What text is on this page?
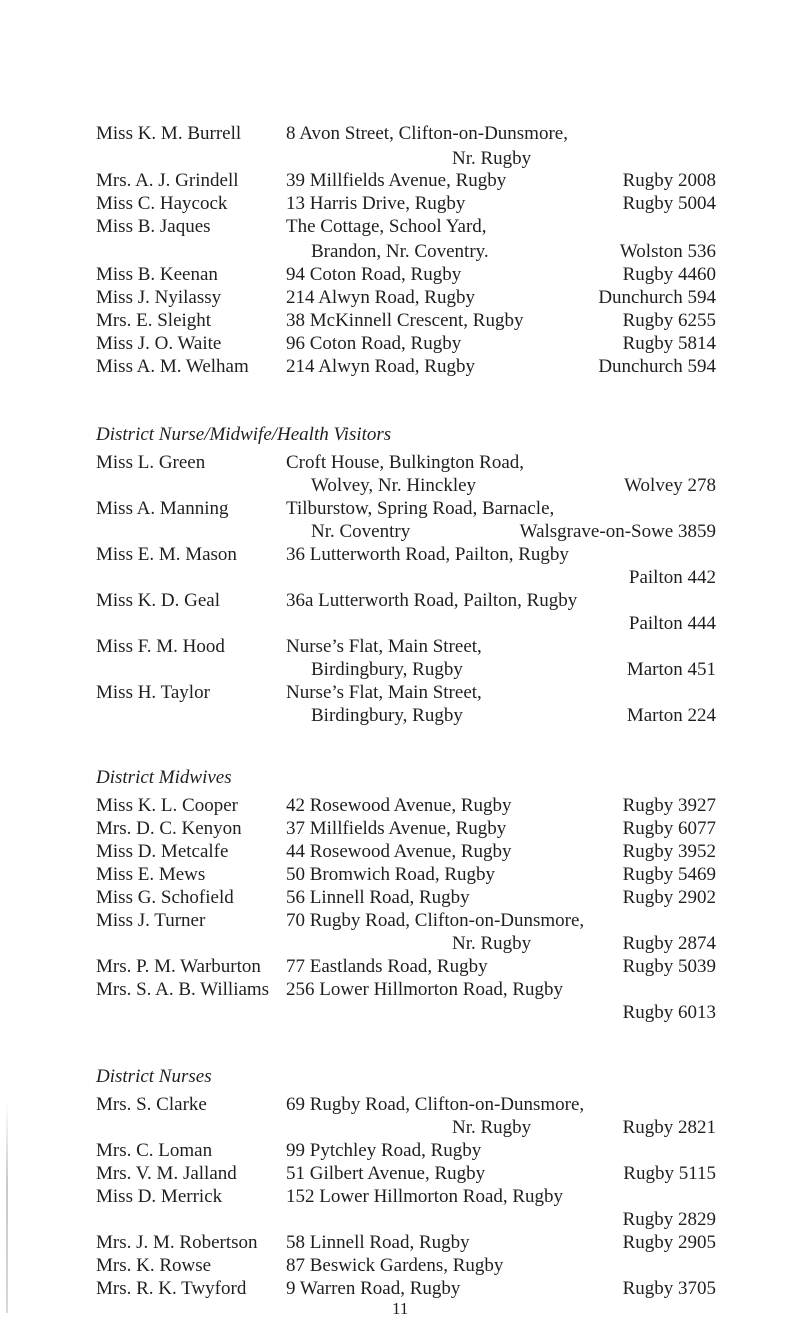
Miss K. M. Burrell 8 Avon Street, Clifton-on-Dunsmore,
Nr. Rugby
Mrs. A. J. Grindell	39 Millfields Avenue, Rugby	Rugby 2008
Miss C. Haycock	13 Harris Drive, Rugby	Rugby 5004
Miss B. Jaques	The Cottage, School Yard,
Brandon, Nr. Coventry.	Wolston 536
Miss B. Keenan	94 Coton Road, Rugby	Rugby 4460
Miss J. Nyilassy	214 Alwyn Road, Rugby	Dunchurch 594
Mrs. E. Sleight	38 McKinnell Crescent, Rugby	Rugby 6255
Miss J. O. Waite	96 Coton Road, Rugby	Rugby 5814
Miss A. M. Welham 214 Alwyn Road, Rugby	Dunchurch 594
District Nurse/Midwife/Health Visitors
Miss L. Green	Croft House, Bulkington Road,
Wolvey, Nr. Hinckley	Wolvey 278
Miss A. Manning	Tilburstow, Spring Road, Barnacle,
Nr. Coventry	Walsgrave-on-Sowe 3859
Miss E. M. Mason	36 Lutterworth Road, Pailton, Rugby
Pailton 442
Miss K. D. Geal	36a Lutterworth Road, Pailton, Rugby
Pailton 444
Miss F. M. Hood	Nurse’s Flat, Main Street,
Birdingbury, Rugby	Marton 451
Miss H. Taylor	Nurse’s Flat, Main Street,
Birdingbury, Rugby	Marton 224
District Midwives
Miss K. L. Cooper	42 Rosewood Avenue, Rugby	Rugby 3927
Mrs. D. C. Kenyon 37 Millfields Avenue, Rugby	Rugby 6077
Miss D. Metcalfe	44 Rosewood Avenue, Rugby	Rugby 3952
Miss E. Mews	50 Bromwich Road, Rugby	Rugby 5469
Miss G. Schofield	56 Linnell Road, Rugby	Rugby 2902
Miss J. Turner	70 Rugby Road, Clifton-on-Dunsmore,
Nr. Rugby	Rugby 2874
Mrs. P. M. Warburton 77 Eastlands Road, Rugby	Rugby 5039
Mrs. S. A. B. Williams 256 Lower Hillmorton Road, Rugby
Rugby 6013
District Nurses
Mrs. S. Clarke	69 Rugby Road, Clifton-on-Dunsmore,
Nr. Rugby	Rugby 2821
Mrs. C. Loman	99 Pytchley Road, Rugby
Mrs. V. M. Jalland	51 Gilbert Avenue, Rugby	Rugby 5115
Miss D. Merrick	152 Lower Hillmorton Road, Rugby
Rugby 2829
Mrs. J. M. Robertson 58 Linnell Road, Rugby	Rugby 2905
Mrs. K. Rowse	87 Beswick Gardens, Rugby
Mrs. R. K. Twyford 9 Warren Road, Rugby	Rugby 3705
11
